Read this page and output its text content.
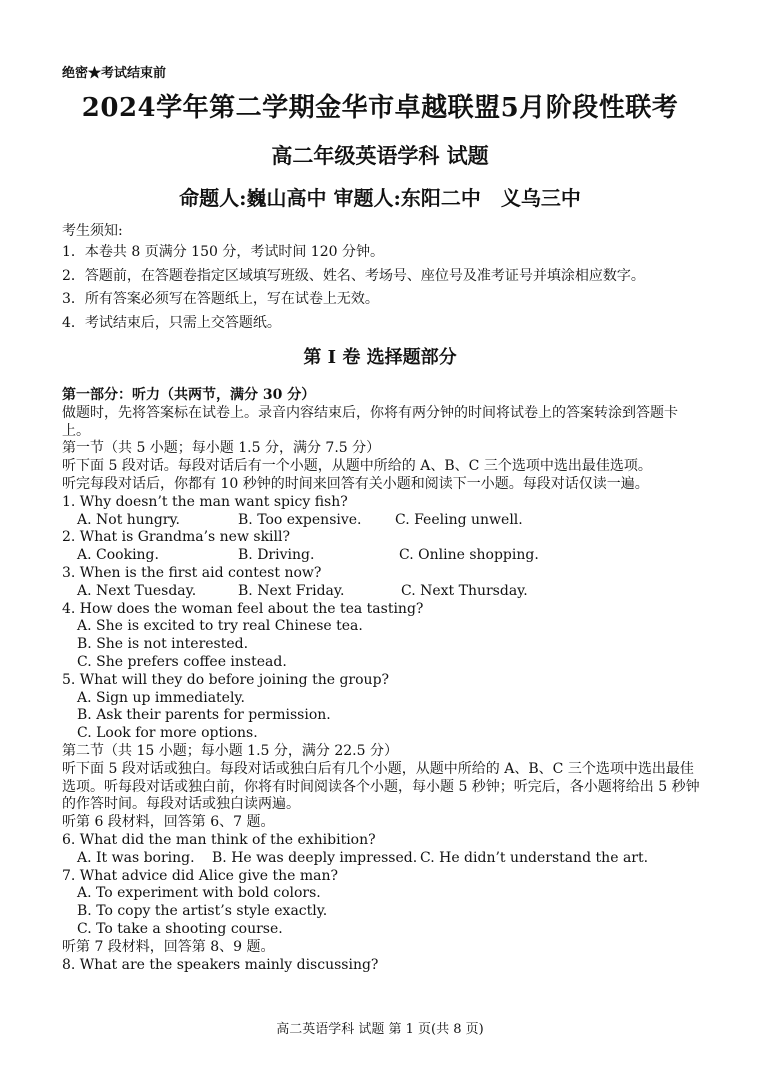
绝密★考试结束前
2024学年第二学期金华市卓越联盟5月阶段性联考
高二年级英语学科 试题
命题人:巍山高中 审题人:东阳二中　义乌三中
考生须知:
1．本卷共 8 页满分 150 分，考试时间 120 分钟。
2．答题前，在答题卷指定区域填写班级、姓名、考场号、座位号及准考证号并填涂相应数字。
3．所有答案必须写在答题纸上，写在试卷上无效。
4．考试结束后，只需上交答题纸。
第 I 卷 选择题部分
第一部分：听力（共两节，满分 30 分）
做题时，先将答案标在试卷上。录音内容结束后，你将有两分钟的时间将试卷上的答案转涂到答题卡上。
第一节（共 5 小题；每小题 1.5 分，满分 7.5 分）
听下面 5 段对话。每段对话后有一个小题，从题中所给的 A、B、C 三个选项中选出最佳选项。
听完每段对话后，你都有 10 秒钟的时间来回答有关小题和阅读下一小题。每段对话仅读一遍。
1. Why doesn’t the man want spicy fish?
A. Not hungry.	B. Too expensive. C. Feeling unwell.
2. What is Grandma’s new skill?
A. Cooking.	B. Driving.	C. Online shopping.
3. When is the first aid contest now?
A. Next Tuesday.	B. Next Friday.	C. Next Thursday.
4. How does the woman feel about the tea tasting?
A. She is excited to try real Chinese tea.
B. She is not interested.
C. She prefers coffee instead.
5. What will they do before joining the group?
A. Sign up immediately.
B. Ask their parents for permission.
C. Look for more options.
第二节（共 15 小题；每小题 1.5 分，满分 22.5 分）
听下面 5 段对话或独白。每段对话或独白后有几个小题，从题中所给的 A、B、C 三个选项中选出最佳选项。听每段对话或独白前，你将有时间阅读各个小题，每小题 5 秒钟；听完后，各小题将给出 5 秒钟的作答时间。每段对话或独白读两遍。
听第 6 段材料，回答第 6、7 题。
6. What did the man think of the exhibition?
A. It was boring. B. He was deeply impressed. C. He didn’t understand the art.
7. What advice did Alice give the man?
A. To experiment with bold colors.
B. To copy the artist’s style exactly.
C. To take a shooting course.
听第 7 段材料，回答第 8、9 题。
8. What are the speakers mainly discussing?
高二英语学科 试题 第 1 页(共 8 页)
